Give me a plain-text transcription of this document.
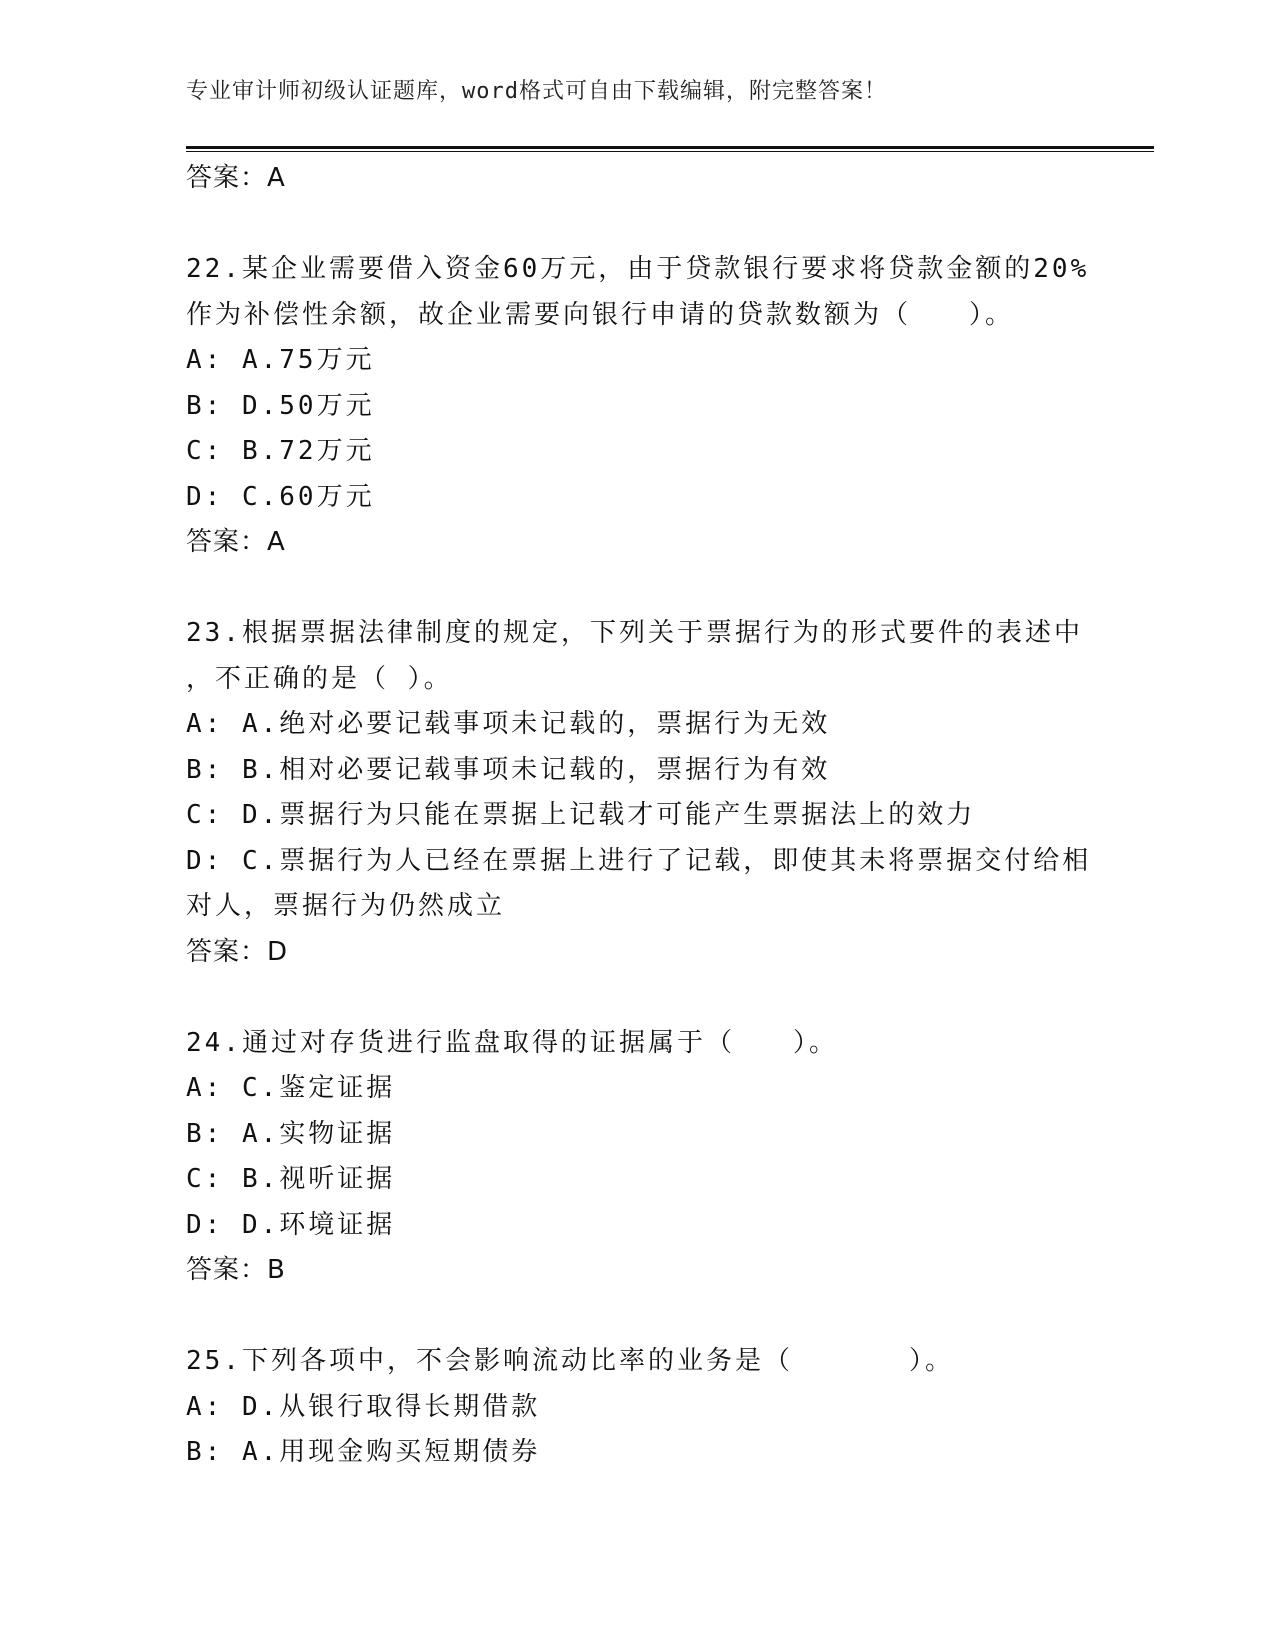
专业审计师初级认证题库，word格式可自由下载编辑，附完整答案！
答案：A
22.某企业需要借入资金60万元，由于贷款银行要求将贷款金额的20%
作为补偿性余额，故企业需要向银行申请的贷款数额为（　　）。
A: A.75万元
B: D.50万元
C: B.72万元
D: C.60万元
答案：A
23.根据票据法律制度的规定，下列关于票据行为的形式要件的表述中
，不正确的是（ ）。
A: A.绝对必要记载事项未记载的，票据行为无效
B: B.相对必要记载事项未记载的，票据行为有效
C: D.票据行为只能在票据上记载才可能产生票据法上的效力
D: C.票据行为人已经在票据上进行了记载，即使其未将票据交付给相
对人，票据行为仍然成立
答案：D
24.通过对存货进行监盘取得的证据属于（　　）。
A: C.鉴定证据
B: A.实物证据
C: B.视听证据
D: D.环境证据
答案：B
25.下列各项中，不会影响流动比率的业务是（　　　　）。
A: D.从银行取得长期借款
B: A.用现金购买短期债券
